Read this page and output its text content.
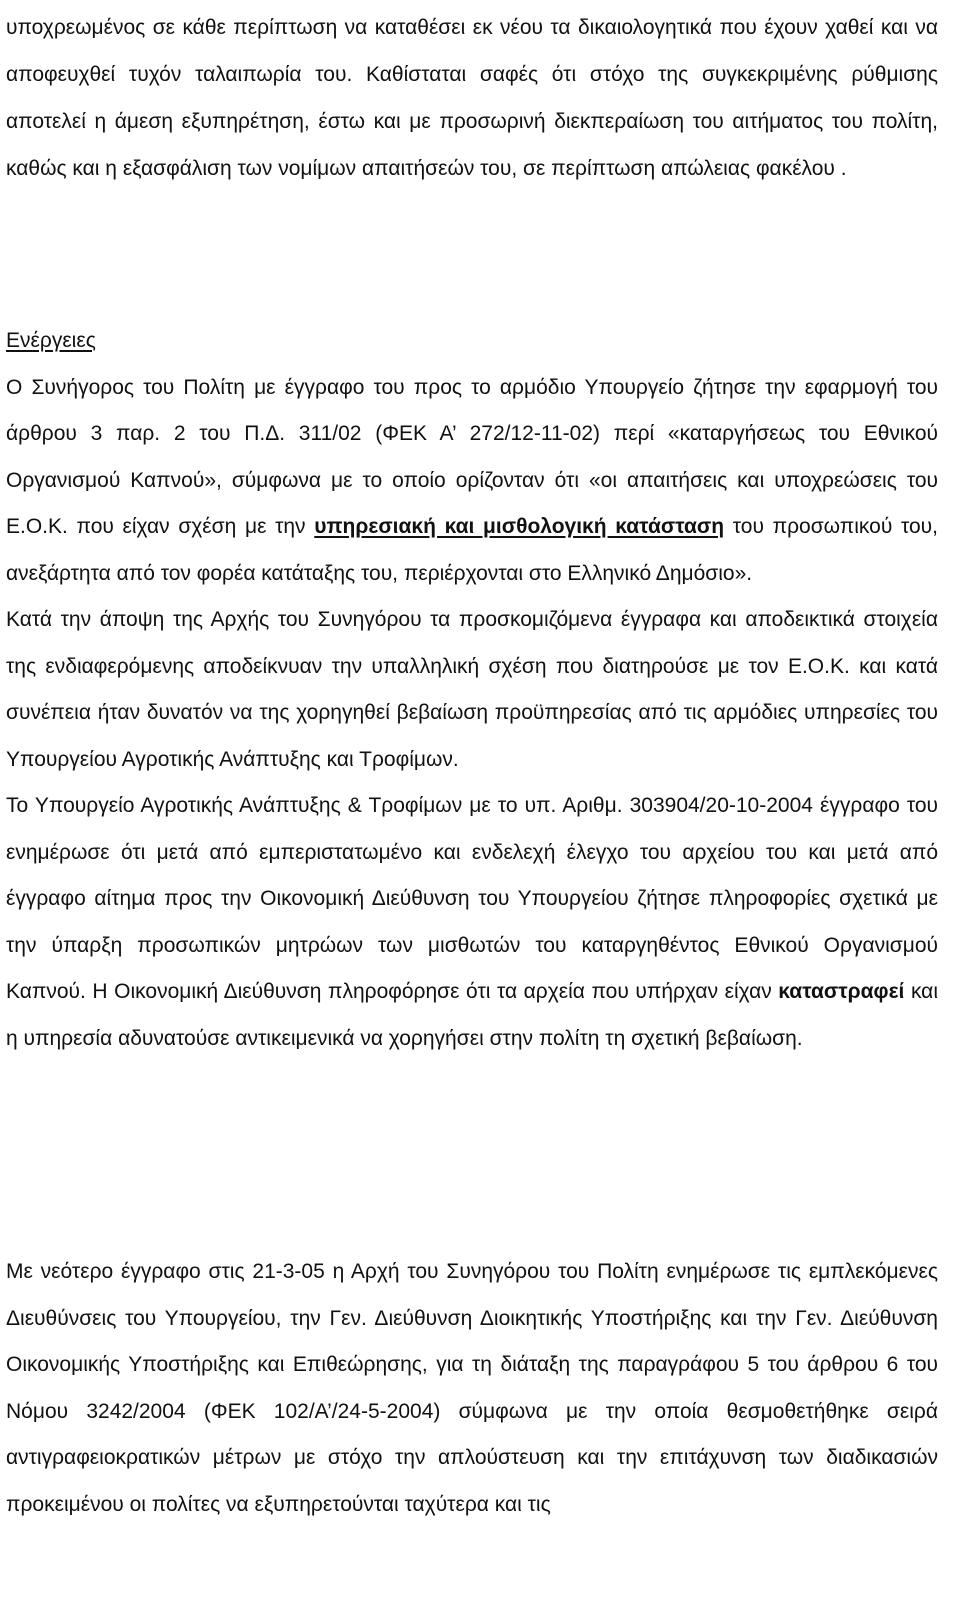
υποχρεωμένος σε κάθε περίπτωση να καταθέσει εκ νέου τα δικαιολογητικά που έχουν χαθεί και να αποφευχθεί τυχόν ταλαιπωρία του. Καθίσταται σαφές ότι στόχο της συγκεκριμένης ρύθμισης αποτελεί η άμεση εξυπηρέτηση, έστω και με προσωρινή διεκπεραίωση του αιτήματος του πολίτη, καθώς και η εξασφάλιση των νομίμων απαιτήσεών του, σε περίπτωση απώλειας φακέλου .

Ενέργειες

Ο Συνήγορος του Πολίτη με έγγραφο του προς το αρμόδιο Υπουργείο ζήτησε την εφαρμογή του άρθρου 3 παρ. 2 του Π.Δ. 311/02 (ΦΕΚ Α’ 272/12-11-02) περί «καταργήσεως του Εθνικού Οργανισμού Καπνού», σύμφωνα με το οποίο ορίζονταν ότι «οι απαιτήσεις και υποχρεώσεις του Ε.Ο.Κ. που είχαν σχέση με την υπηρεσιακή και μισθολογική κατάσταση του προσωπικού του, ανεξάρτητα από τον φορέα κατάταξης του, περιέρχονται στο Ελληνικό Δημόσιο».

Κατά την άποψη της Αρχής του Συνηγόρου τα προσκομιζόμενα έγγραφα και αποδεικτικά στοιχεία της ενδιαφερόμενης αποδείκνυαν την υπαλληλική σχέση που διατηρούσε με τον Ε.Ο.Κ. και κατά συνέπεια ήταν δυνατόν να της χορηγηθεί βεβαίωση προϋπηρεσίας από τις αρμόδιες υπηρεσίες του Υπουργείου Αγροτικής Ανάπτυξης και Τροφίμων.

Το Υπουργείο Αγροτικής Ανάπτυξης & Τροφίμων με το υπ. Αριθμ. 303904/20-10-2004 έγγραφο του ενημέρωσε ότι μετά από εμπεριστατωμένο και ενδελεχή έλεγχο του αρχείου του και μετά από έγγραφο αίτημα προς την Οικονομική Διεύθυνση του Υπουργείου ζήτησε πληροφορίες σχετικά με την ύπαρξη προσωπικών μητρώων των μισθωτών του καταργηθέντος Εθνικού Οργανισμού Καπνού. Η Οικονομική Διεύθυνση πληροφόρησε ότι τα αρχεία που υπήρχαν είχαν καταστραφεί και η υπηρεσία αδυνατούσε αντικειμενικά να χορηγήσει στην πολίτη τη σχετική βεβαίωση.

Με νεότερο έγγραφο στις 21-3-05 η Αρχή του Συνηγόρου του Πολίτη ενημέρωσε τις εμπλεκόμενες Διευθύνσεις του Υπουργείου, την Γεν. Διεύθυνση Διοικητικής Υποστήριξης και την Γεν. Διεύθυνση Οικονομικής Υποστήριξης και Επιθεώρησης, για τη διάταξη της παραγράφου 5 του άρθρου 6 του Νόμου 3242/2004 (ΦΕΚ 102/Α’/24-5-2004) σύμφωνα με την οποία θεσμοθετήθηκε σειρά αντιγραφειοκρατικών μέτρων με στόχο την απλούστευση και την επιτάχυνση των διαδικασιών προκειμένου οι πολίτες να εξυπηρετούνται ταχύτερα και τις
